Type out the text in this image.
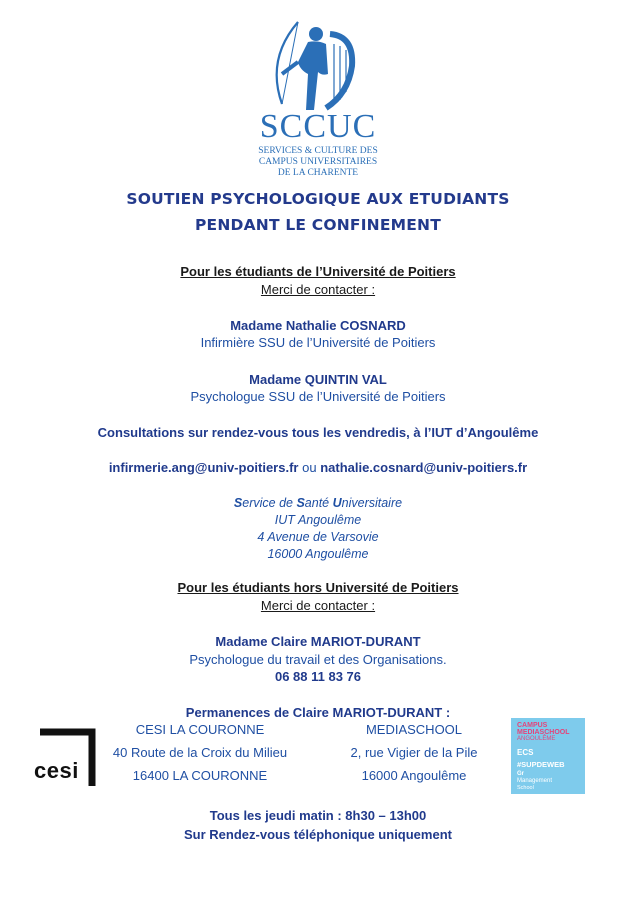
SCCUC
SERVICES & CULTURE DES
CAMPUS UNIVERSITAIRES
DE LA CHARENTE
SOUTIEN PSYCHOLOGIQUE AUX ETUDIANTS
PENDANT LE CONFINEMENT
Pour les étudiants de l’Université de Poitiers
Merci de contacter :
Madame Nathalie COSNARD
Infirmière SSU de l’Université de Poitiers
Madame QUINTIN VAL
Psychologue SSU de l’Université de Poitiers
Consultations sur rendez-vous tous les vendredis, à l’IUT d’Angoulême
infirmerie.ang@univ-poitiers.fr ou nathalie.cosnard@univ-poitiers.fr
Service de Santé Universitaire
IUT Angoulême
4 Avenue de Varsovie
16000 Angoulême
Pour les étudiants hors Université de Poitiers
Merci de contacter :
Madame Claire MARIOT-DURANT
Psychologue du travail et des Organisations.
06 88 11 83 76
Permanences de Claire MARIOT-DURANT :
CESI LA COURONNE
40 Route de la Croix du Milieu
16400 LA COURONNE
MEDIASCHOOL
2, rue Vigier de la Pile
16000 Angoulême
Tous les jeudi matin : 8h30 – 13h00
Sur Rendez-vous téléphonique uniquement
cesi
CAMPUS
MEDIASCHOOL
ANGOULÊME
ECS
#SUPDEWEB
Gr
Management
School
